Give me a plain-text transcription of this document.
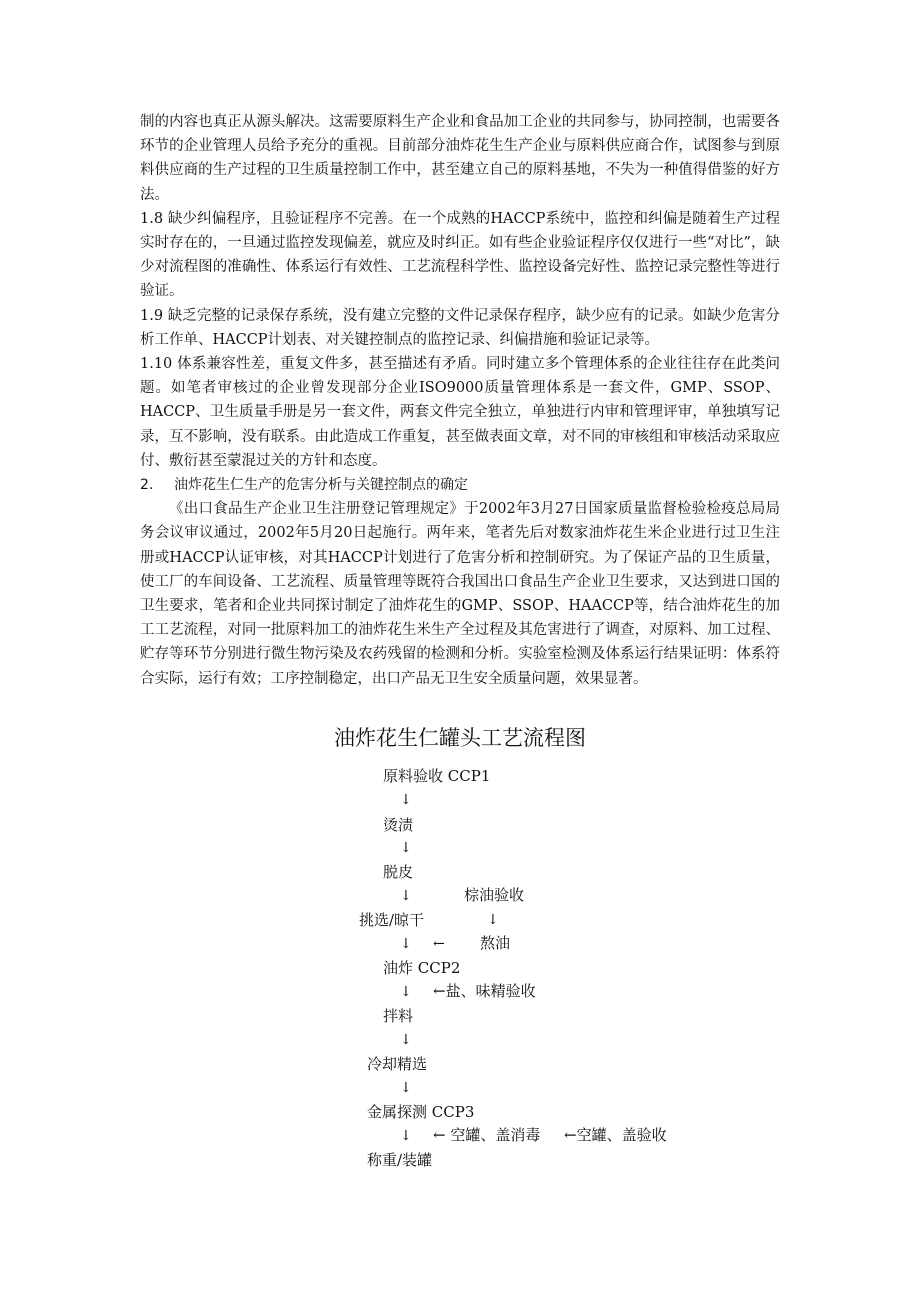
制的内容也真正从源头解决。这需要原料生产企业和食品加工企业的共同参与，协同控制，也需要各环节的企业管理人员给予充分的重视。目前部分油炸花生生产企业与原料供应商合作，试图参与到原料供应商的生产过程的卫生质量控制工作中，甚至建立自己的原料基地，不失为一种值得借鉴的好方法。

1.8 缺少纠偏程序，且验证程序不完善。在一个成熟的HACCP系统中，监控和纠偏是随着生产过程实时存在的，一旦通过监控发现偏差，就应及时纠正。如有些企业验证程序仅仅进行一些“对比”，缺少对流程图的准确性、体系运行有效性、工艺流程科学性、监控设备完好性、监控记录完整性等进行验证。

1.9 缺乏完整的记录保存系统，没有建立完整的文件记录保存程序，缺少应有的记录。如缺少危害分析工作单、HACCP计划表、对关键控制点的监控记录、纠偏措施和验证记录等。

1.10 体系兼容性差，重复文件多，甚至描述有矛盾。同时建立多个管理体系的企业往往存在此类问题。如笔者审核过的企业曾发现部分企业ISO9000质量管理体系是一套文件，GMP、SSOP、HACCP、卫生质量手册是另一套文件，两套文件完全独立，单独进行内审和管理评审，单独填写记录，互不影响，没有联系。由此造成工作重复，甚至做表面文章，对不同的审核组和审核活动采取应付、敷衍甚至蒙混过关的方针和态度。

2. 油炸花生仁生产的危害分析与关键控制点的确定

《出口食品生产企业卫生注册登记管理规定》于2002年3月27日国家质量监督检验检疫总局局务会议审议通过，2002年5月20日起施行。两年来，笔者先后对数家油炸花生米企业进行过卫生注册或HACCP认证审核，对其HACCP计划进行了危害分析和控制研究。为了保证产品的卫生质量，使工厂的车间设备、工艺流程、质量管理等既符合我国出口食品生产企业卫生要求，又达到进口国的卫生要求，笔者和企业共同探讨制定了油炸花生的GMP、SSOP、HAACCP等，结合油炸花生的加工工艺流程，对同一批原料加工的油炸花生米生产全过程及其危害进行了调查，对原料、加工过程、贮存等环节分别进行微生物污染及农药残留的检测和分析。实验室检测及体系运行结果证明：体系符合实际，运行有效；工序控制稳定，出口产品无卫生安全质量问题，效果显著。

油炸花生仁罐头工艺流程图
原料验收 CCP1
↓
烫渍
↓
脱皮
↓	棕油验收
挑选/晾干	↓
↓ ← 熬油
油炸 CCP2
↓ ←盐、味精验收
拌料
↓
冷却精选
↓
金属探测 CCP3
↓ ← 空罐、盖消毒 ←空罐、盖验收
称重/装罐
